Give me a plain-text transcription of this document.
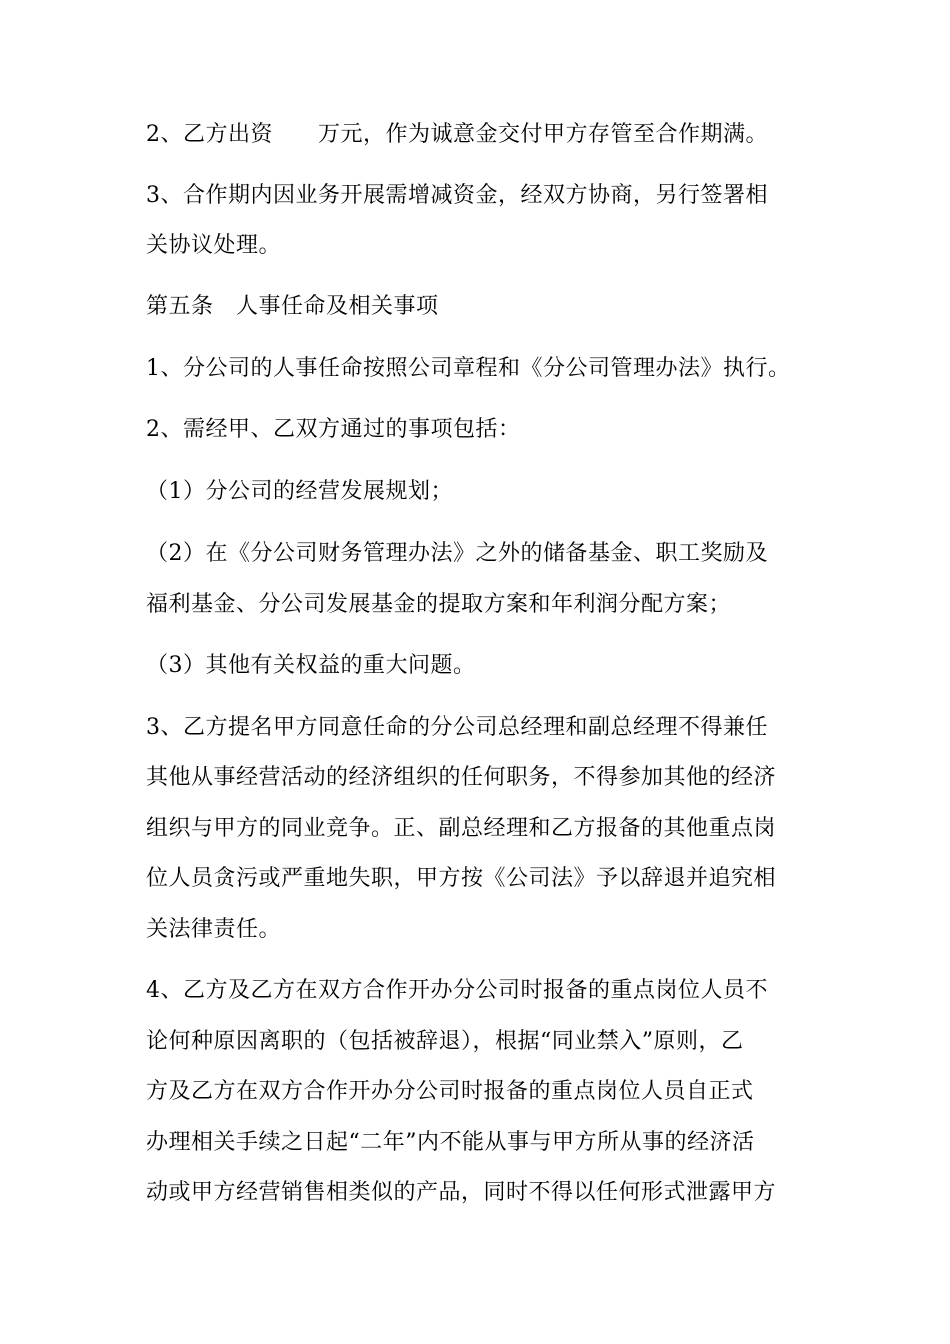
2、乙方出资　　万元，作为诚意金交付甲方存管至合作期满。
3、合作期内因业务开展需增减资金，经双方协商，另行签署相
关协议处理。
第五条　人事任命及相关事项
1、分公司的人事任命按照公司章程和《分公司管理办法》执行。
2、需经甲、乙双方通过的事项包括：
（1）分公司的经营发展规划；
（2）在《分公司财务管理办法》之外的储备基金、职工奖励及
福利基金、分公司发展基金的提取方案和年利润分配方案；
（3）其他有关权益的重大问题。
3、乙方提名甲方同意任命的分公司总经理和副总经理不得兼任
其他从事经营活动的经济组织的任何职务，不得参加其他的经济
组织与甲方的同业竞争。正、副总经理和乙方报备的其他重点岗
位人员贪污或严重地失职，甲方按《公司法》予以辞退并追究相
关法律责任。
4、乙方及乙方在双方合作开办分公司时报备的重点岗位人员不
论何种原因离职的（包括被辞退），根据“同业禁入”原则，乙
方及乙方在双方合作开办分公司时报备的重点岗位人员自正式
办理相关手续之日起“二年”内不能从事与甲方所从事的经济活
动或甲方经营销售相类似的产品，同时不得以任何形式泄露甲方
